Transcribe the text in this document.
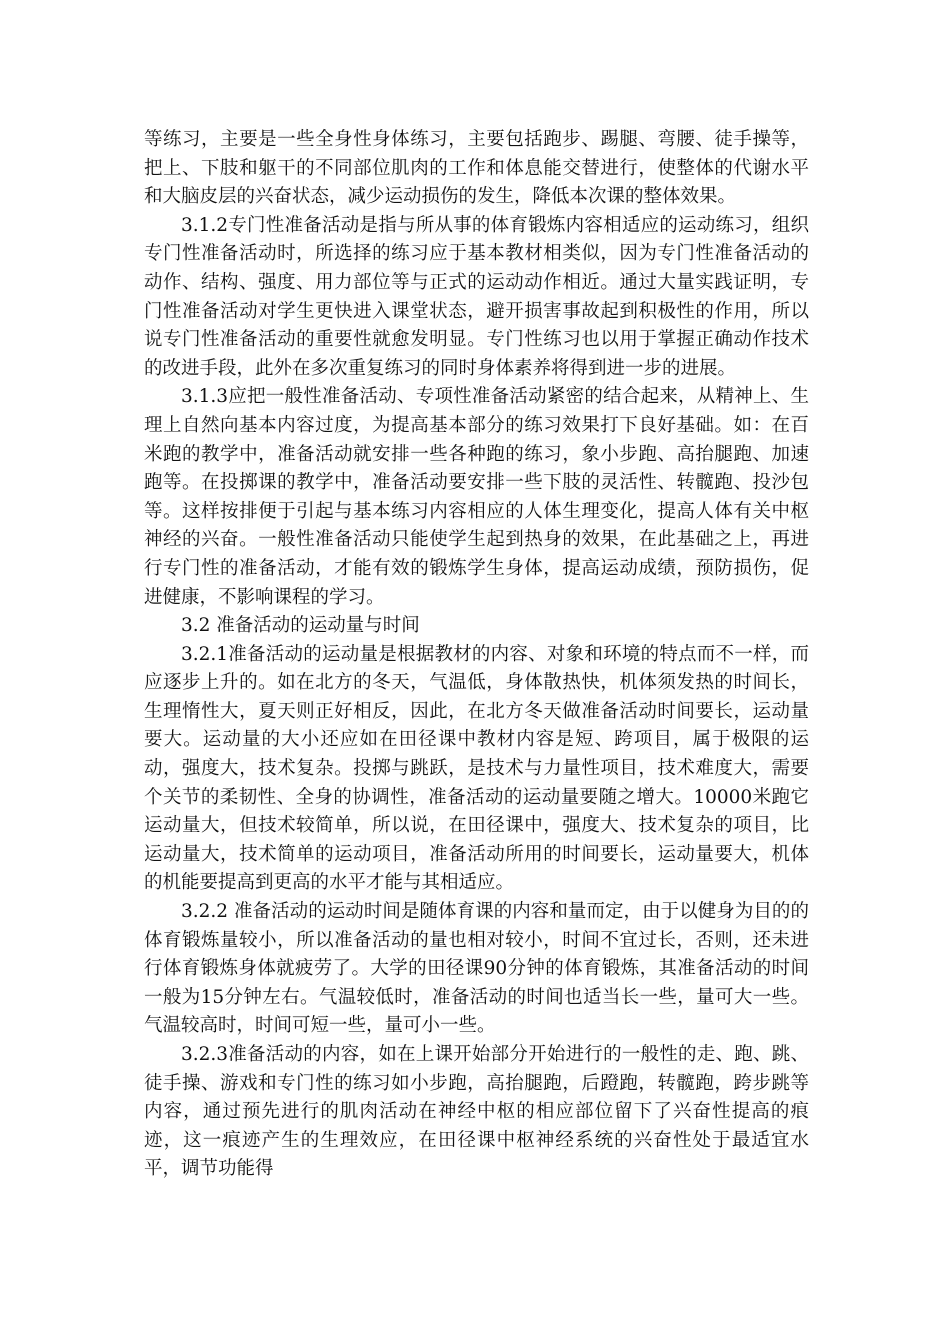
等练习，主要是一些全身性身体练习，主要包括跑步、踢腿、弯腰、徒手操等，把上、下肢和躯干的不同部位肌肉的工作和体息能交替进行，使整体的代谢水平和大脑皮层的兴奋状态，减少运动损伤的发生，降低本次课的整体效果。

3.1.2专门性准备活动是指与所从事的体育锻炼内容相适应的运动练习，组织专门性准备活动时，所选择的练习应于基本教材相类似，因为专门性准备活动的动作、结构、强度、用力部位等与正式的运动动作相近。通过大量实践证明，专门性准备活动对学生更快进入课堂状态，避开损害事故起到积极性的作用，所以说专门性准备活动的重要性就愈发明显。专门性练习也以用于掌握正确动作技术的改进手段，此外在多次重复练习的同时身体素养将得到进一步的进展。

3.1.3应把一般性准备活动、专项性准备活动紧密的结合起来，从精神上、生理上自然向基本内容过度，为提高基本部分的练习效果打下良好基础。如：在百米跑的教学中，准备活动就安排一些各种跑的练习，象小步跑、高抬腿跑、加速跑等。在投掷课的教学中，准备活动要安排一些下肢的灵活性、转髋跑、投沙包等。这样按排便于引起与基本练习内容相应的人体生理变化，提高人体有关中枢神经的兴奋。一般性准备活动只能使学生起到热身的效果，在此基础之上，再进行专门性的准备活动，才能有效的锻炼学生身体，提高运动成绩，预防损伤，促进健康，不影响课程的学习。

3.2 准备活动的运动量与时间

3.2.1准备活动的运动量是根据教材的内容、对象和环境的特点而不一样，而应逐步上升的。如在北方的冬天，气温低，身体散热快，机体须发热的时间长，生理惰性大，夏天则正好相反，因此，在北方冬天做准备活动时间要长，运动量要大。运动量的大小还应如在田径课中教材内容是短、跨项目，属于极限的运动，强度大，技术复杂。投掷与跳跃，是技术与力量性项目，技术难度大，需要个关节的柔韧性、全身的协调性，准备活动的运动量要随之增大。10000米跑它运动量大，但技术较简单，所以说，在田径课中，强度大、技术复杂的项目，比运动量大，技术简单的运动项目，准备活动所用的时间要长，运动量要大，机体的机能要提高到更高的水平才能与其相适应。

3.2.2 准备活动的运动时间是随体育课的内容和量而定，由于以健身为目的的体育锻炼量较小，所以准备活动的量也相对较小，时间不宜过长，否则，还未进行体育锻炼身体就疲劳了。大学的田径课90分钟的体育锻炼，其准备活动的时间一般为15分钟左右。气温较低时，准备活动的时间也适当长一些，量可大一些。气温较高时，时间可短一些，量可小一些。

3.2.3准备活动的内容，如在上课开始部分开始进行的一般性的走、跑、跳、徒手操、游戏和专门性的练习如小步跑，高抬腿跑，后蹬跑，转髋跑，跨步跳等内容，通过预先进行的肌肉活动在神经中枢的相应部位留下了兴奋性提高的痕迹，这一痕迹产生的生理效应，在田径课中枢神经系统的兴奋性处于最适宜水平，调节功能得
